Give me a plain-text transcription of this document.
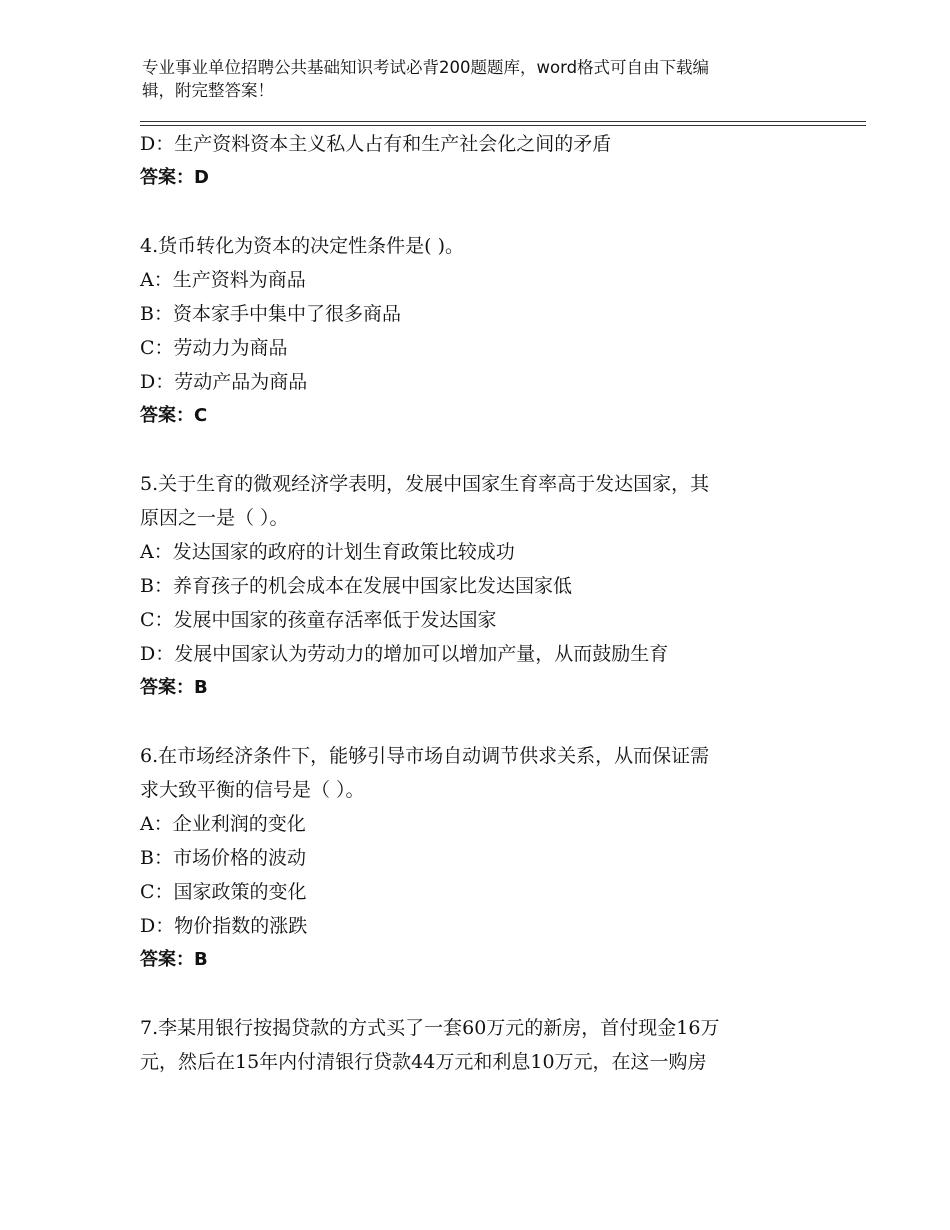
专业事业单位招聘公共基础知识考试必背200题题库，word格式可自由下载编
辑，附完整答案！
D：生产资料资本主义私人占有和生产社会化之间的矛盾
答案：D
4.货币转化为资本的决定性条件是( )。
A：生产资料为商品
B：资本家手中集中了很多商品
C：劳动力为商品
D：劳动产品为商品
答案：C
5.关于生育的微观经济学表明，发展中国家生育率高于发达国家，其
原因之一是（ ）。
A：发达国家的政府的计划生育政策比较成功
B：养育孩子的机会成本在发展中国家比发达国家低
C：发展中国家的孩童存活率低于发达国家
D：发展中国家认为劳动力的增加可以增加产量，从而鼓励生育
答案：B
6.在市场经济条件下，能够引导市场自动调节供求关系，从而保证需
求大致平衡的信号是（ ）。
A：企业利润的变化
B：市场价格的波动
C：国家政策的变化
D：物价指数的涨跌
答案：B
7.李某用银行按揭贷款的方式买了一套60万元的新房，首付现金16万
元，然后在15年内付清银行贷款44万元和利息10万元，在这一购房
